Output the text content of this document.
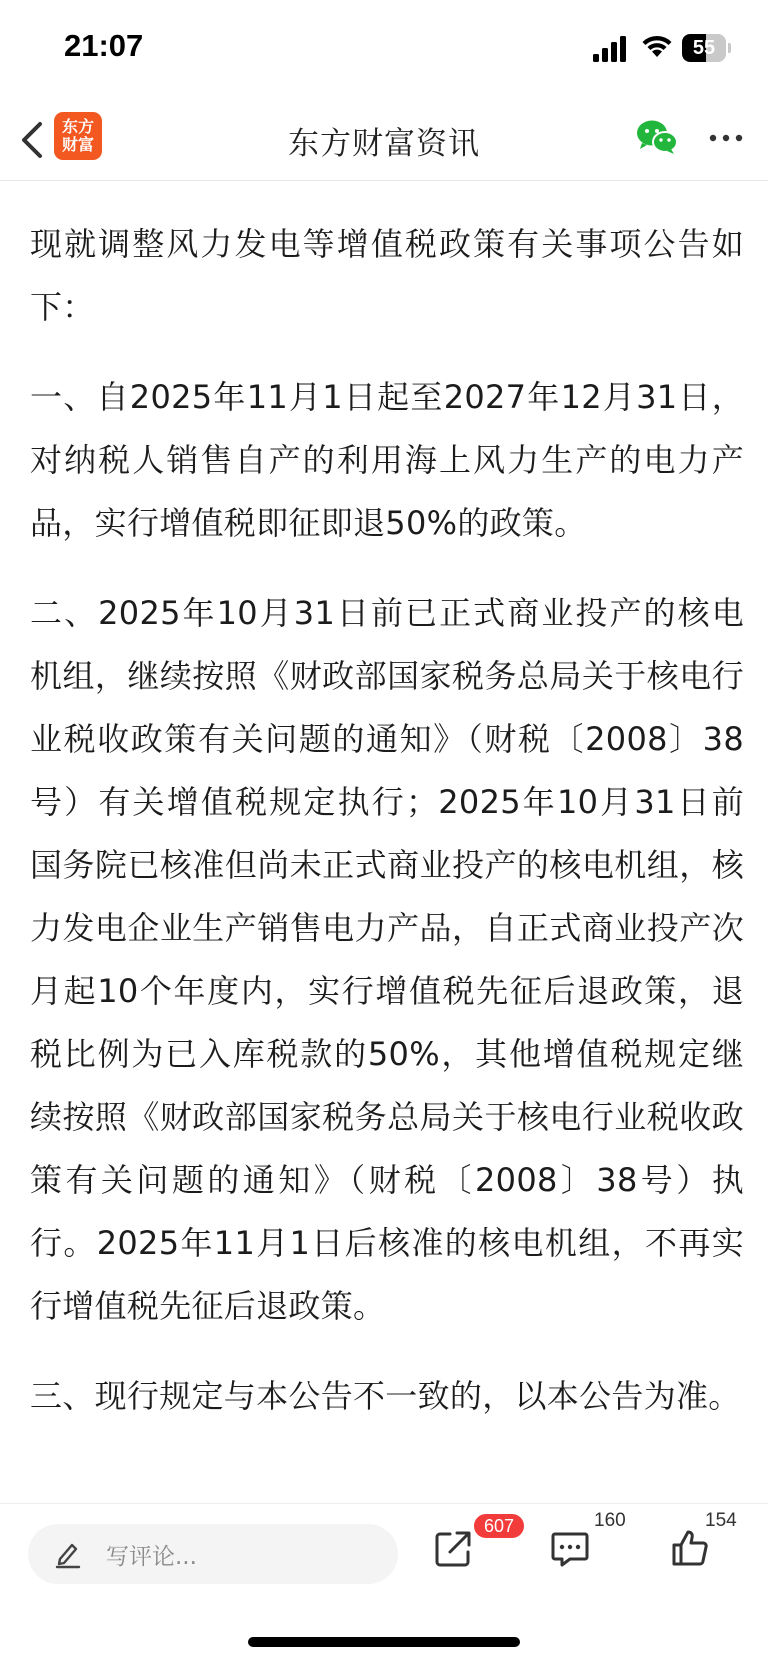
21:07	55
东方
财富	东方财富资讯

现就调整风力发电等增值税政策有关事项公告如下：

一、自2025年11月1日起至2027年12月31日，对纳税人销售自产的利用海上风力生产的电力产品，实行增值税即征即退50%的政策。

二、2025年10月31日前已正式商业投产的核电机组，继续按照《财政部国家税务总局关于核电行业税收政策有关问题的通知》（财税〔2008〕38号）有关增值税规定执行；2025年10月31日前国务院已核准但尚未正式商业投产的核电机组，核力发电企业生产销售电力产品，自正式商业投产次月起10个年度内，实行增值税先征后退政策，退税比例为已入库税款的50%，其他增值税规定继续按照《财政部国家税务总局关于核电行业税收政策有关问题的通知》（财税〔2008〕38号）执行。2025年11月1日后核准的核电机组，不再实行增值税先征后退政策。

三、现行规定与本公告不一致的，以本公告为准。

写评论...
607	160	154
